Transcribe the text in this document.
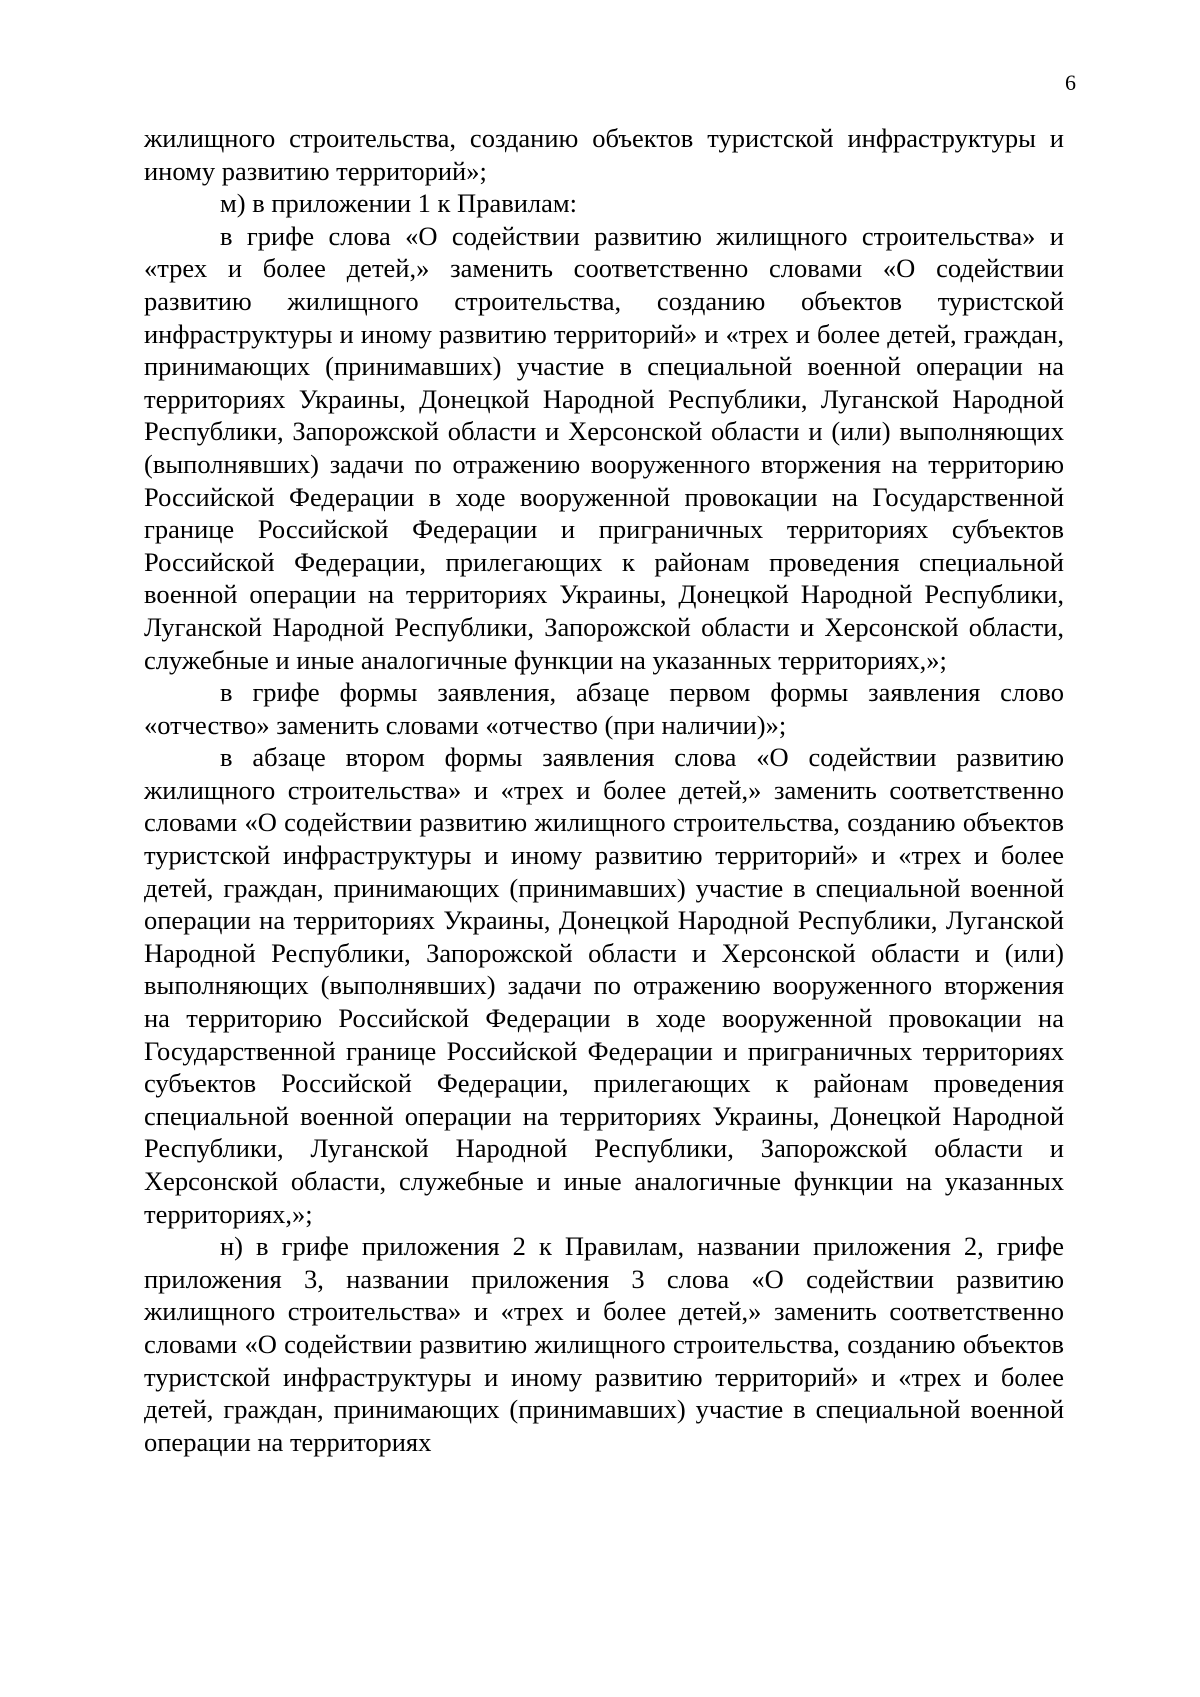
6

жилищного строительства, созданию объектов туристской инфраструктуры и иному развитию территорий»;

м) в приложении 1 к Правилам:

в грифе слова «О содействии развитию жилищного строительства» и «трех и более детей,» заменить соответственно словами «О содействии развитию жилищного строительства, созданию объектов туристской инфраструктуры и иному развитию территорий» и «трех и более детей, граждан, принимающих (принимавших) участие в специальной военной операции на территориях Украины, Донецкой Народной Республики, Луганской Народной Республики, Запорожской области и Херсонской области и (или) выполняющих (выполнявших) задачи по отражению вооруженного вторжения на территорию Российской Федерации в ходе вооруженной провокации на Государственной границе Российской Федерации и приграничных территориях субъектов Российской Федерации, прилегающих к районам проведения специальной военной операции на территориях Украины, Донецкой Народной Республики, Луганской Народной Республики, Запорожской области и Херсонской области, служебные и иные аналогичные функции на указанных территориях,»;

в грифе формы заявления, абзаце первом формы заявления слово «отчество» заменить словами «отчество (при наличии)»;

в абзаце втором формы заявления слова «О содействии развитию жилищного строительства» и «трех и более детей,» заменить соответственно словами «О содействии развитию жилищного строительства, созданию объектов туристской инфраструктуры и иному развитию территорий» и «трех и более детей, граждан, принимающих (принимавших) участие в специальной военной операции на территориях Украины, Донецкой Народной Республики, Луганской Народной Республики, Запорожской области и Херсонской области и (или) выполняющих (выполнявших) задачи по отражению вооруженного вторжения на территорию Российской Федерации в ходе вооруженной провокации на Государственной границе Российской Федерации и приграничных территориях субъектов Российской Федерации, прилегающих к районам проведения специальной военной операции на территориях Украины, Донецкой Народной Республики, Луганской Народной Республики, Запорожской области и Херсонской области, служебные и иные аналогичные функции на указанных территориях,»;

н) в грифе приложения 2 к Правилам, названии приложения 2, грифе приложения 3, названии приложения 3 слова «О содействии развитию жилищного строительства» и «трех и более детей,» заменить соответственно словами «О содействии развитию жилищного строительства, созданию объектов туристской инфраструктуры и иному развитию территорий» и «трех и более детей, граждан, принимающих (принимавших) участие в специальной военной операции на территориях
